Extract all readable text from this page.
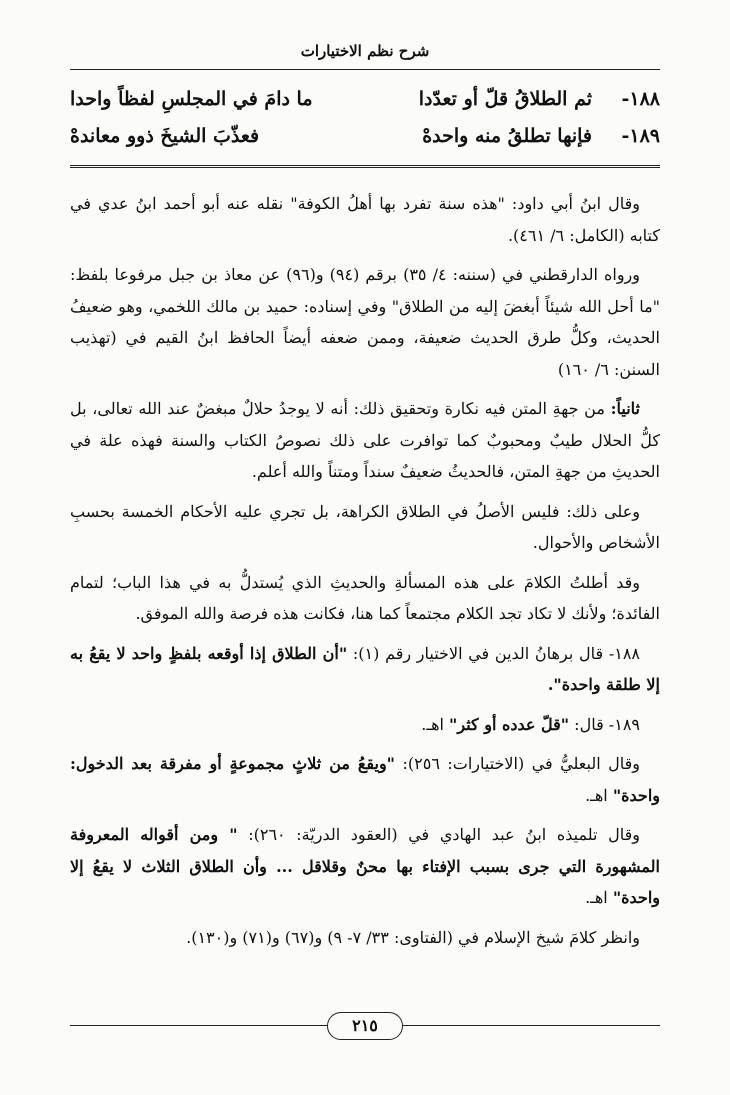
شرح نظم الاختيارات
١٨٨-
ثم الطلاقُ قلّ أو تعدّدا
ما دامَ في المجلسِ لفظاً واحدا
١٨٩-
فإنها تطلقُ منه واحدهْ
فعذّبَ الشيخَ ذوو معاندهْ

وقال ابنُ أبي داود: "هذه سنة تفرد بها أهلُ الكوفة" نقله عنه أبو أحمد ابنُ عدي في كتابه (الكامل: ٦/ ٤٦١).

ورواه الدارقطني في (سننه: ٤/ ٣٥) برقم (٩٤) و(٩٦) عن معاذ بن جبل مرفوعا بلفظ: "ما أحل الله شيئاً أبغضَ إليه من الطلاق" وفي إسناده: حميد بن مالك اللخمي، وهو ضعيفُ الحديث، وكلُّ طرق الحديث ضعيفة، وممن ضعفه أيضاً الحافظ ابنُ القيم في (تهذيب السنن: ٦/ ١٦٠)

ثانياً: من جهةِ المتن فيه نكارة وتحقيق ذلك: أنه لا يوجدُ حلالٌ مبغضٌ عند الله تعالى، بل كلُّ الحلال طيبٌ ومحبوبٌ كما توافرت على ذلك نصوصُ الكتاب والسنة فهذه علة في الحديثِ من جهةِ المتن، فالحديثُ ضعيفٌ سنداً ومتناً والله أعلم.

وعلى ذلك: فليس الأصلُ في الطلاق الكراهة، بل تجري عليه الأحكام الخمسة بحسبِ الأشخاص والأحوال.

وقد أطلتُ الكلامَ على هذه المسألةِ والحديثِ الذي يُستدلُّ به في هذا الباب؛ لتمام الفائدة؛ ولأنك لا تكاد تجد الكلام مجتمعاً كما هنا، فكانت هذه فرصة والله الموفق.

١٨٨- قال برهانُ الدين في الاختيار رقم (١): "أن الطلاق إذا أوقعه بلفظٍ واحد لا يقعُ به إلا طلقة واحدة".

١٨٩- قال: "قلّ عدده أو كثر" اهـ.

وقال البعليُّ في (الاختيارات: ٢٥٦): "ويقعُ من ثلاثٍ مجموعةٍ أو مفرقة بعد الدخول: واحدة" اهـ.

وقال تلميذه ابنُ عبد الهادي في (العقود الدريّة: ٢٦٠): " ومن أقواله المعروفة المشهورة التي جرى بسبب الإفتاء بها محنٌ وقلاقل ... وأن الطلاق الثلاث لا يقعُ إلا واحدة" اهـ.

وانظر كلامَ شيخ الإسلام في (الفتاوى: ٣٣/ ٧- ٩) و(٦٧) و(٧١) و(١٣٠).

٢١٥
